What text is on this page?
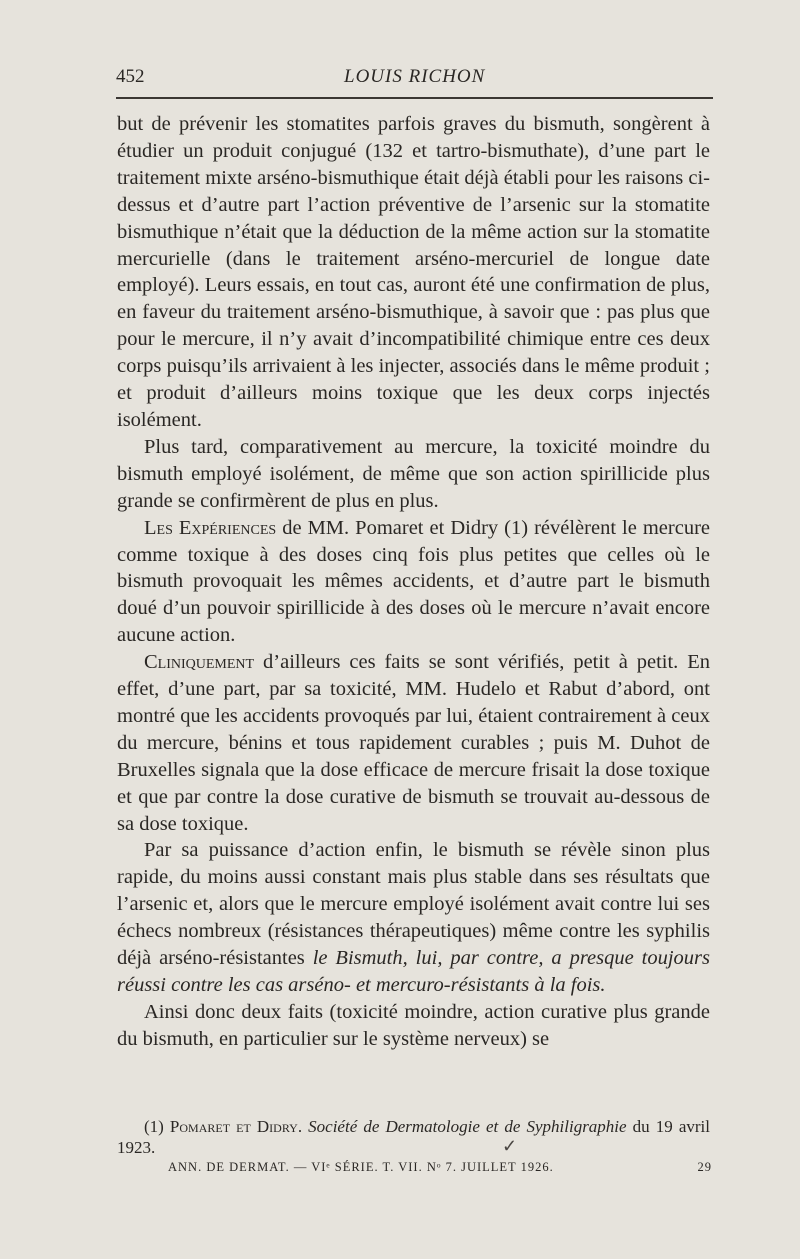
452	LOUIS RICHON

but de prévenir les stomatites parfois graves du bismuth, songèrent à étudier un produit conjugué (132 et tartro-bismuthate), d’une part le traitement mixte arséno-bismuthique était déjà établi pour les raisons ci-dessus et d’autre part l’action préventive de l’arsenic sur la stomatite bismuthique n’était que la déduction de la même action sur la stomatite mercurielle (dans le traitement arséno-mercuriel de longue date employé). Leurs essais, en tout cas, auront été une confirmation de plus, en faveur du traitement arséno-bismuthique, à savoir que : pas plus que pour le mercure, il n’y avait d’incompatibilité chimique entre ces deux corps puisqu’ils arrivaient à les injecter, associés dans le même produit ; et produit d’ailleurs moins toxique que les deux corps injectés isolément.

Plus tard, comparativement au mercure, la toxicité moindre du bismuth employé isolément, de même que son action spirillicide plus grande se confirmèrent de plus en plus.

Les Expériences de MM. Pomaret et Didry (1) révélèrent le mercure comme toxique à des doses cinq fois plus petites que celles où le bismuth provoquait les mêmes accidents, et d’autre part le bismuth doué d’un pouvoir spirillicide à des doses où le mercure n’avait encore aucune action.

Cliniquement d’ailleurs ces faits se sont vérifiés, petit à petit. En effet, d’une part, par sa toxicité, MM. Hudelo et Rabut d’abord, ont montré que les accidents provoqués par lui, étaient contrairement à ceux du mercure, bénins et tous rapidement curables ; puis M. Duhot de Bruxelles signala que la dose efficace de mercure frisait la dose toxique et que par contre la dose curative de bismuth se trouvait au-dessous de sa dose toxique.

Par sa puissance d’action enfin, le bismuth se révèle sinon plus rapide, du moins aussi constant mais plus stable dans ses résultats que l’arsenic et, alors que le mercure employé isolément avait contre lui ses échecs nombreux (résistances thérapeutiques) même contre les syphilis déjà arséno-résistantes le Bismuth, lui, par contre, a presque toujours réussi contre les cas arséno- et mercuro-résistants à la fois.

Ainsi donc deux faits (toxicité moindre, action curative plus grande du bismuth, en particulier sur le système nerveux) se

(1) Pomaret et Didry. Société de Dermatologie et de Syphiligraphie du 19 avril 1923.	✓
ANN. DE DERMAT. — VIᵉ SÉRIE. T. VII. Nᵒ 7. JUILLET 1926.	29
